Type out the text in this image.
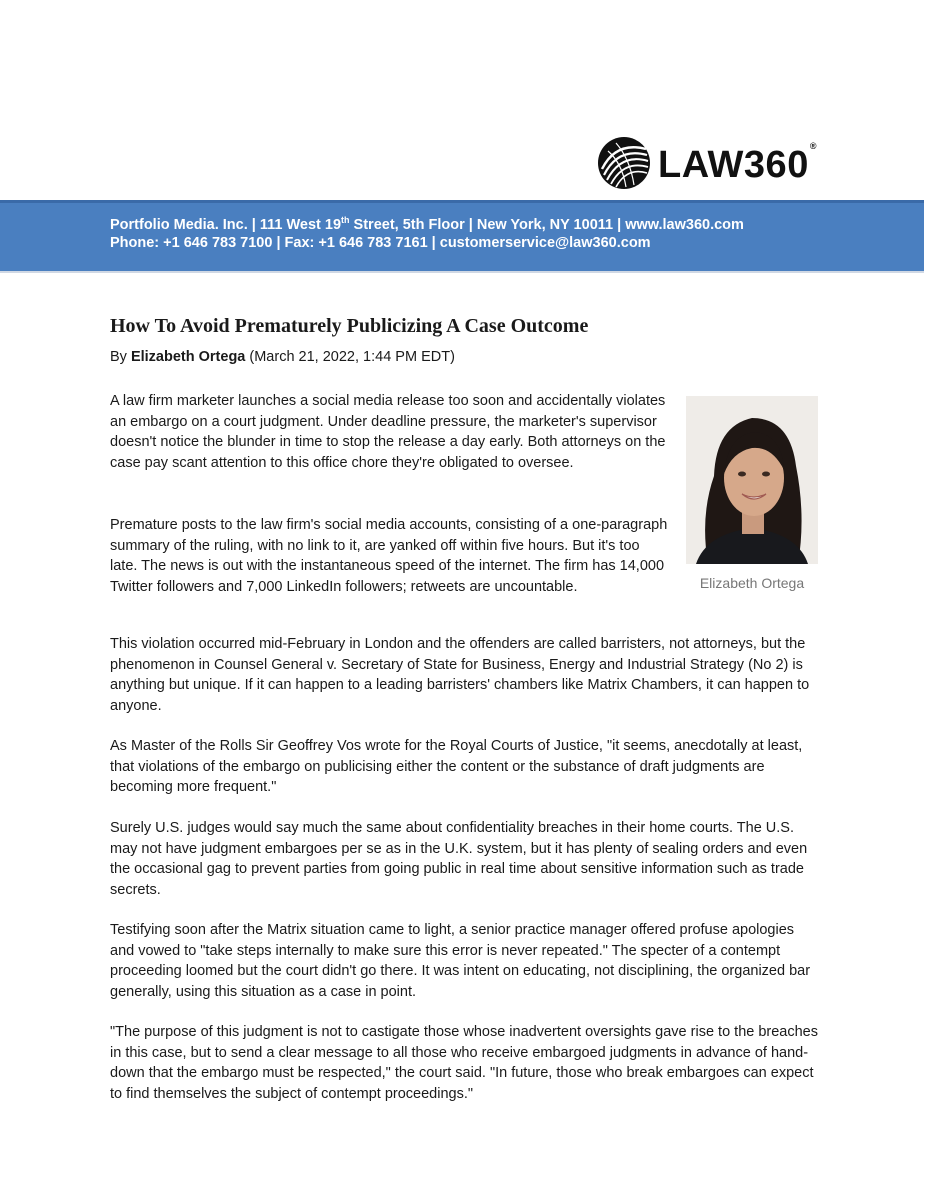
LAW360®
Portfolio Media. Inc. | 111 West 19th Street, 5th Floor | New York, NY 10011 | www.law360.com
Phone: +1 646 783 7100 | Fax: +1 646 783 7161 | customerservice@law360.com
How To Avoid Prematurely Publicizing A Case Outcome
By Elizabeth Ortega (March 21, 2022, 1:44 PM EDT)

A law firm marketer launches a social media release too soon and accidentally violates an embargo on a court judgment. Under deadline pressure, the marketer's supervisor doesn't notice the blunder in time to stop the release a day early. Both attorneys on the case pay scant attention to this office chore they're obligated to oversee.

Premature posts to the law firm's social media accounts, consisting of a one-paragraph summary of the ruling, with no link to it, are yanked off within five hours. But it's too late. The news is out with the instantaneous speed of the internet. The firm has 14,000 Twitter followers and 7,000 LinkedIn followers; retweets are uncountable.	Elizabeth Ortega

This violation occurred mid-February in London and the offenders are called barristers, not attorneys, but the phenomenon in Counsel General v. Secretary of State for Business, Energy and Industrial Strategy (No 2) is anything but unique. If it can happen to a leading barristers' chambers like Matrix Chambers, it can happen to anyone.

As Master of the Rolls Sir Geoffrey Vos wrote for the Royal Courts of Justice, "it seems, anecdotally at least, that violations of the embargo on publicising either the content or the substance of draft judgments are becoming more frequent."

Surely U.S. judges would say much the same about confidentiality breaches in their home courts. The U.S. may not have judgment embargoes per se as in the U.K. system, but it has plenty of sealing orders and even the occasional gag to prevent parties from going public in real time about sensitive information such as trade secrets.

Testifying soon after the Matrix situation came to light, a senior practice manager offered profuse apologies and vowed to "take steps internally to make sure this error is never repeated." The specter of a contempt proceeding loomed but the court didn't go there. It was intent on educating, not disciplining, the organized bar generally, using this situation as a case in point.

"The purpose of this judgment is not to castigate those whose inadvertent oversights gave rise to the breaches in this case, but to send a clear message to all those who receive embargoed judgments in advance of hand-down that the embargo must be respected," the court said. "In future, those who break embargoes can expect to find themselves the subject of contempt proceedings."
